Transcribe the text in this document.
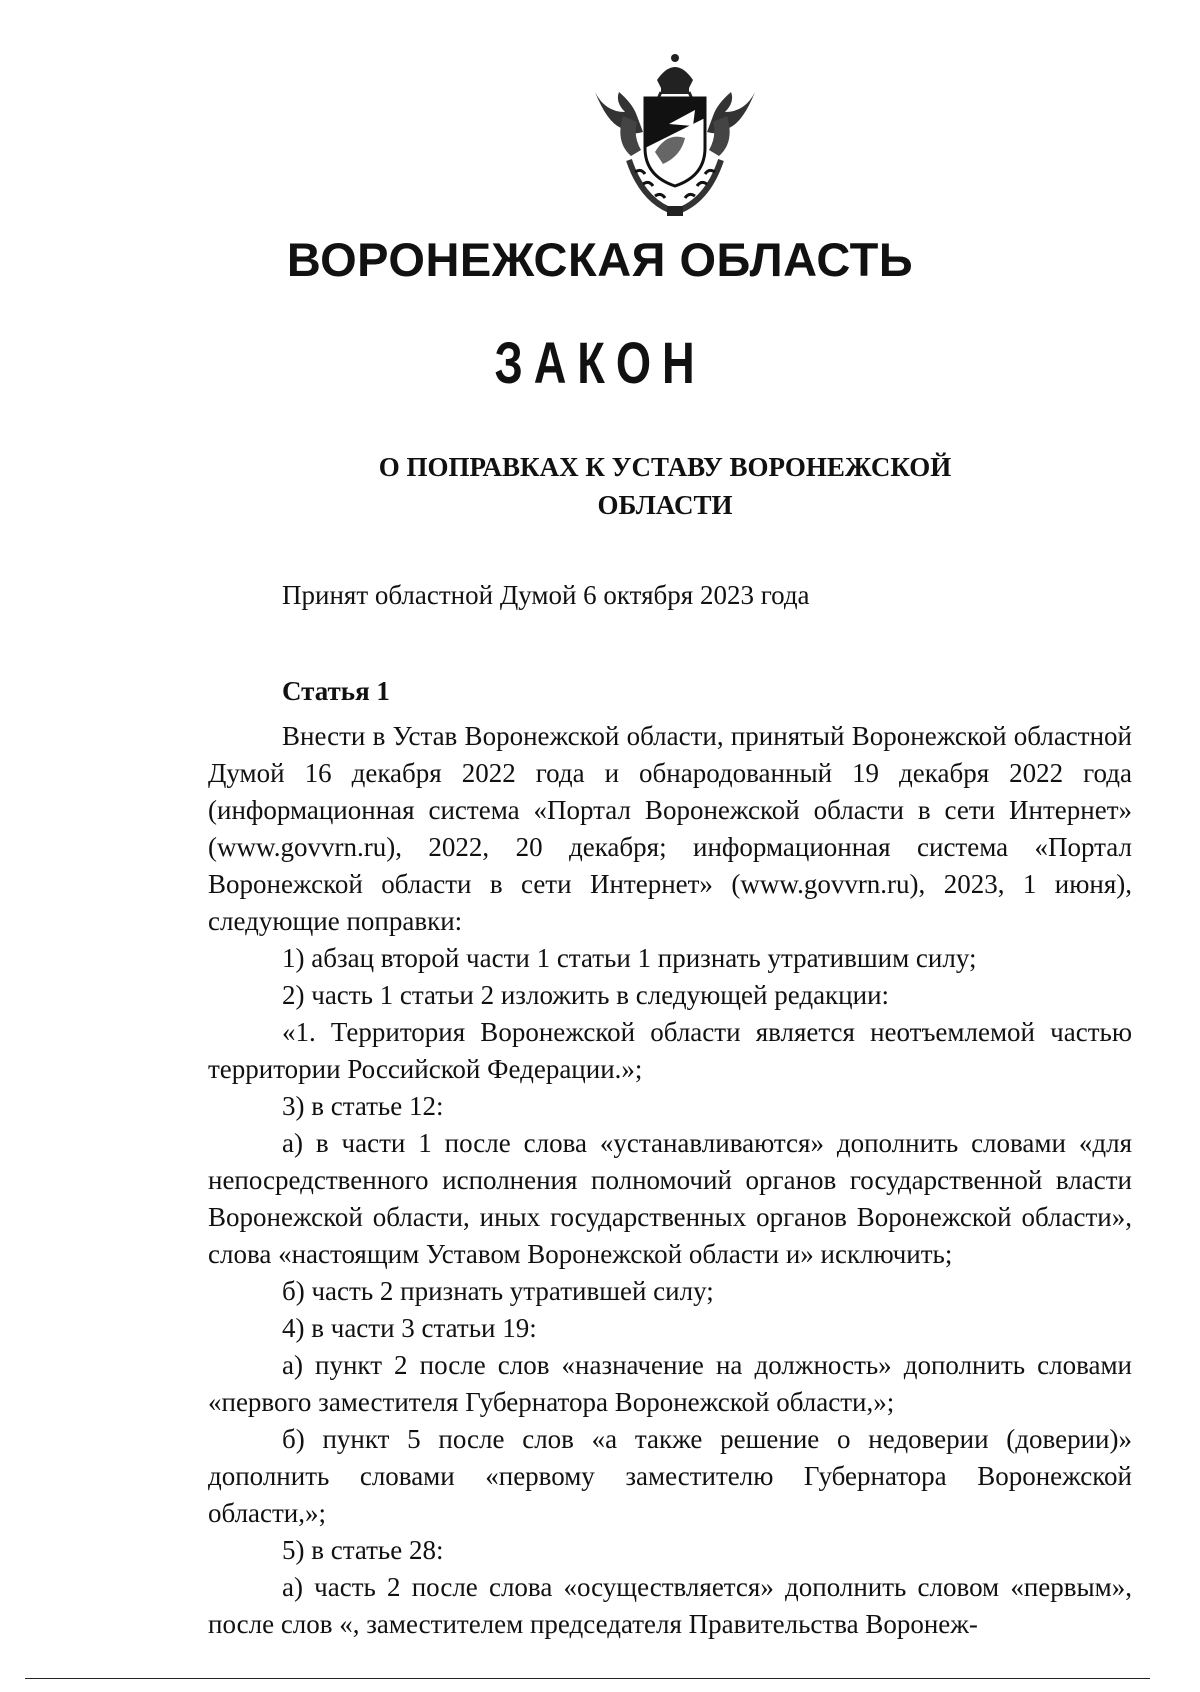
ВОРОНЕЖСКАЯ ОБЛАСТЬ
ЗАКОН
О ПОПРАВКАХ К УСТАВУ ВОРОНЕЖСКОЙ
ОБЛАСТИ
Принят областной Думой 6 октября 2023 года
Статья 1

Внести в Устав Воронежской области, принятый Воронежской областной Думой 16 декабря 2022 года и обнародованный 19 декабря 2022 года (информационная система «Портал Воронежской области в сети Интернет» (www.govvrn.ru), 2022, 20 декабря; информационная система «Портал Воронежской области в сети Интернет» (www.govvrn.ru), 2023, 1 июня), следующие поправки:

1) абзац второй части 1 статьи 1 признать утратившим силу;

2) часть 1 статьи 2 изложить в следующей редакции:

«1. Территория Воронежской области является неотъемлемой частью территории Российской Федерации.»;

3) в статье 12:

а) в части 1 после слова «устанавливаются» дополнить словами «для непосредственного исполнения полномочий органов государственной власти Воронежской области, иных государственных органов Воронежской области», слова «настоящим Уставом Воронежской области и» исключить;

б) часть 2 признать утратившей силу;

4) в части 3 статьи 19:

а) пункт 2 после слов «назначение на должность» дополнить словами «первого заместителя Губернатора Воронежской области,»;

б) пункт 5 после слов «а также решение о недоверии (доверии)» дополнить словами «первому заместителю Губернатора Воронежской области,»;

5) в статье 28:

а) часть 2 после слова «осуществляется» дополнить словом «первым», после слов «, заместителем председателя Правительства Воронеж-
